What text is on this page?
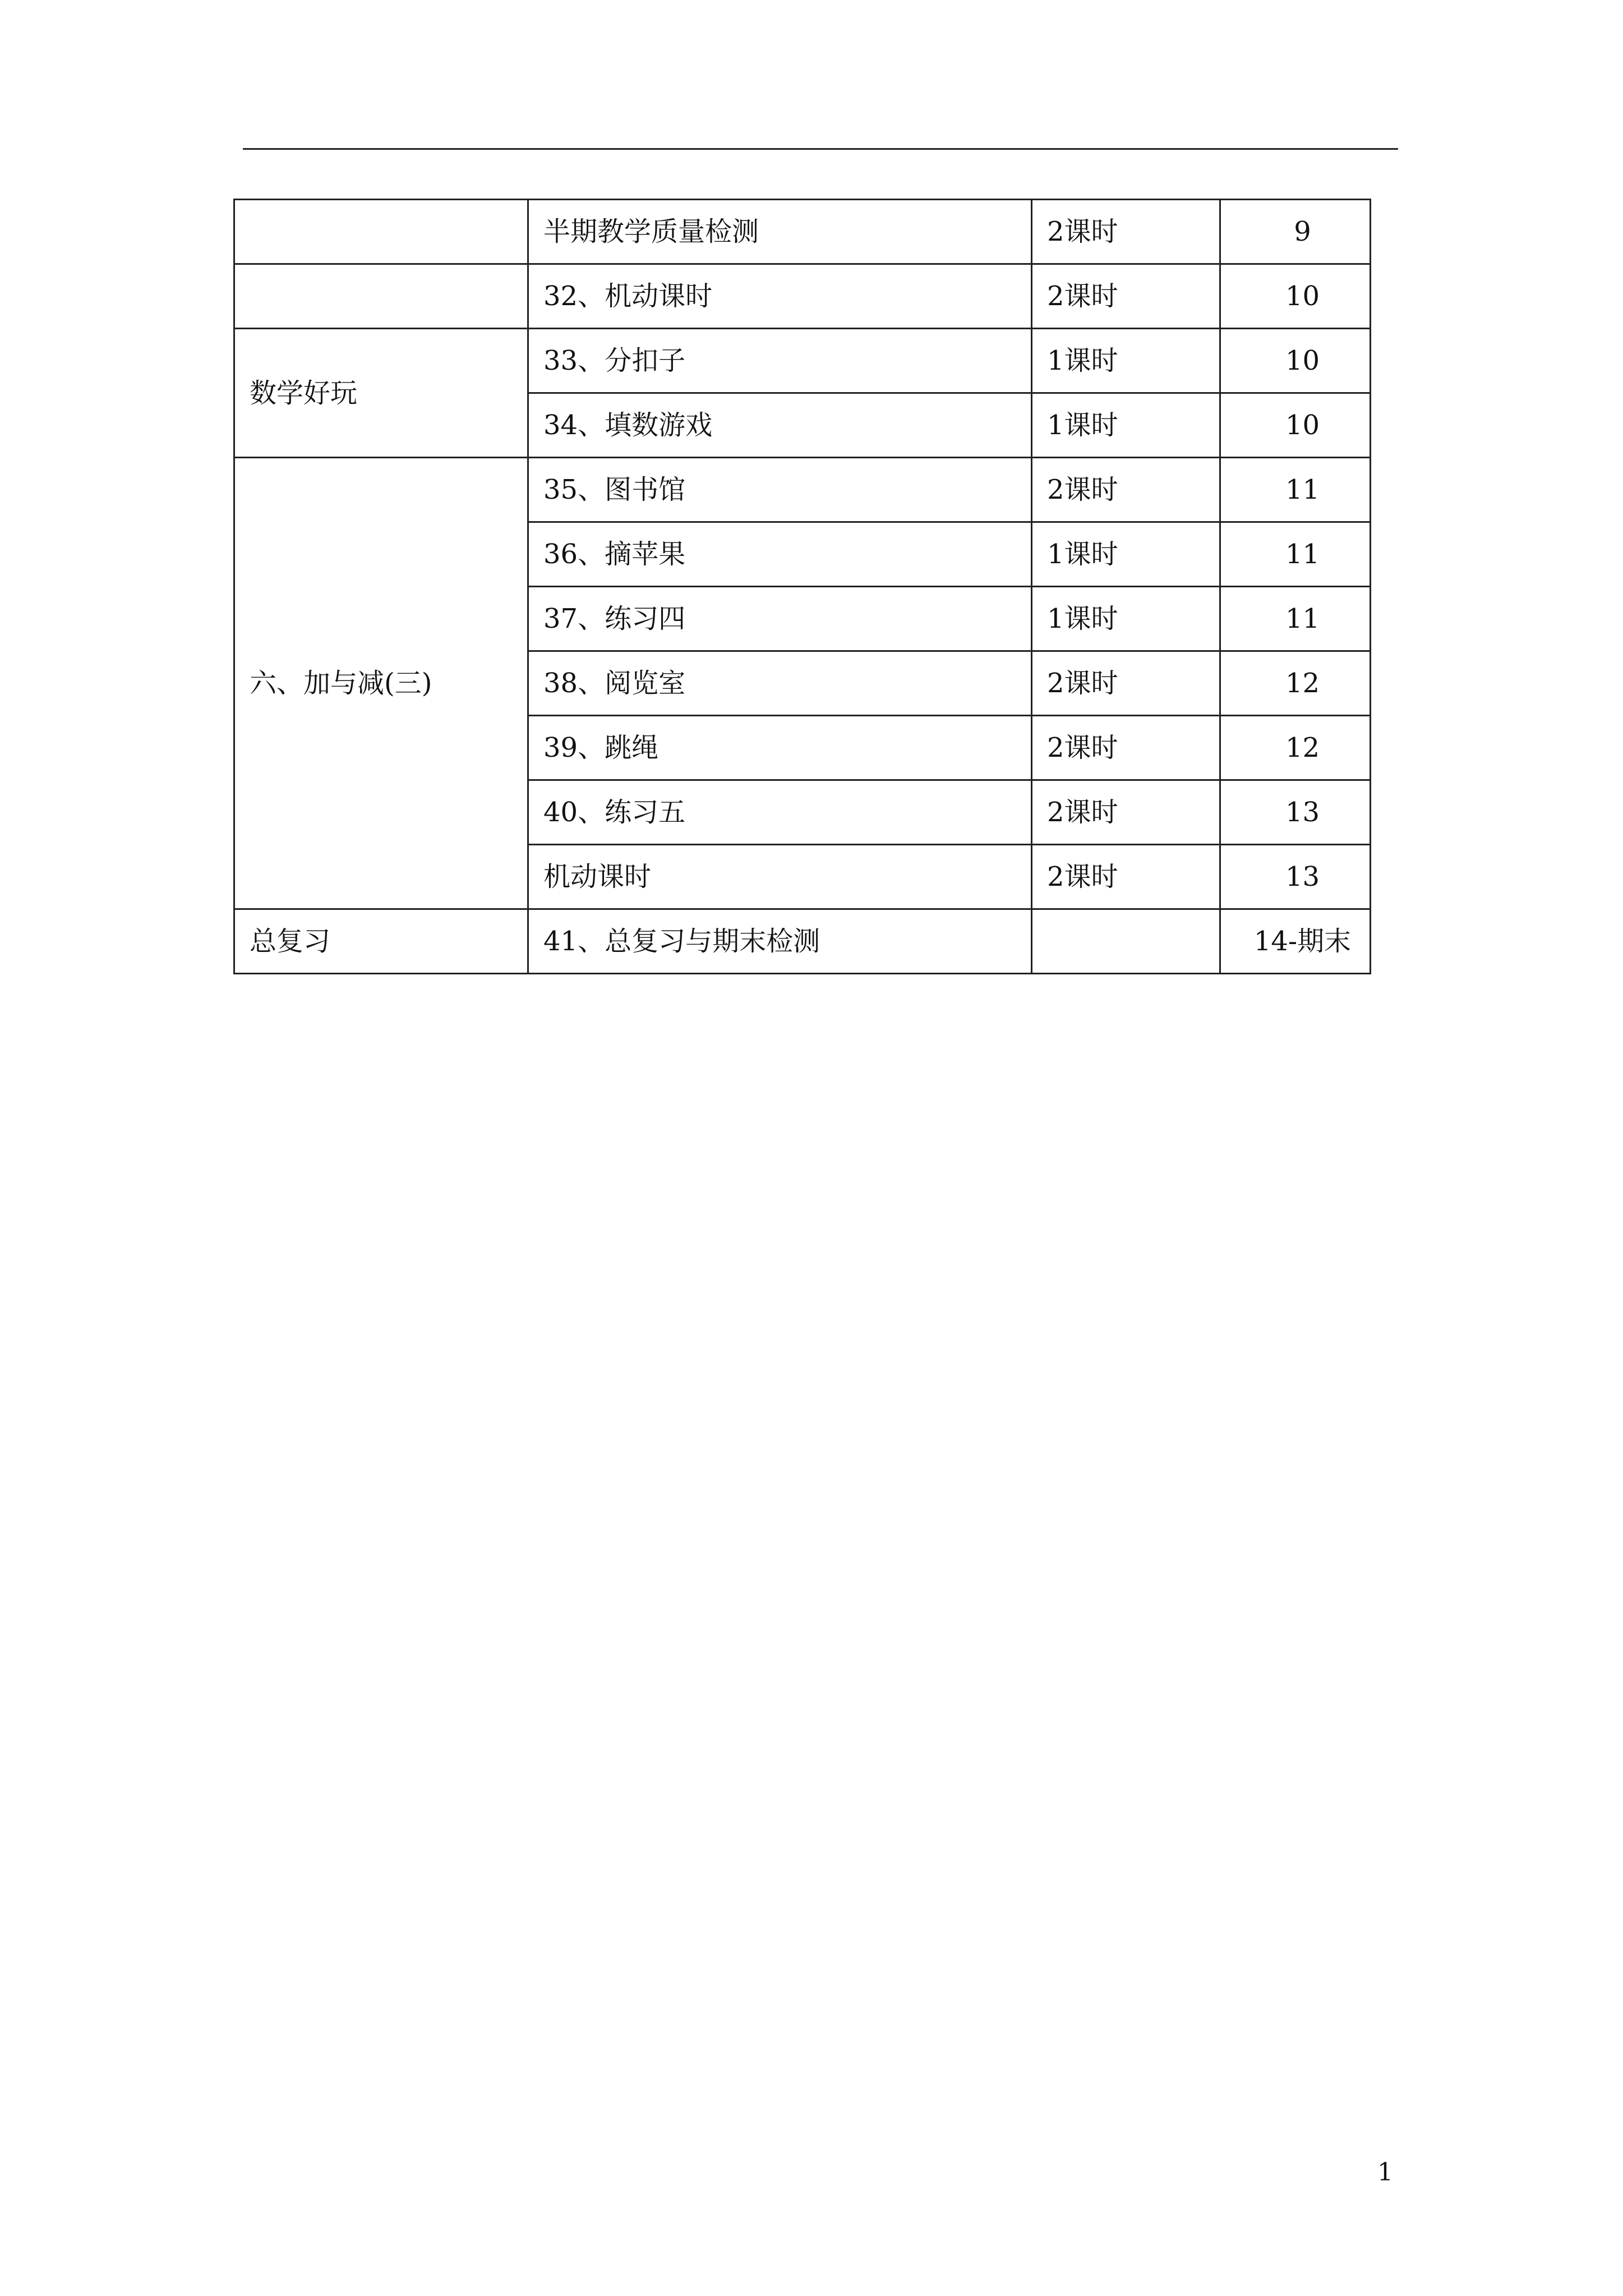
	半期教学质量检测	2课时	9
	32、机动课时	2课时	10
数学好玩	33、分扣子	1课时	10
	34、填数游戏	1课时	10
六、加与减(三)	35、图书馆	2课时	11
	36、摘苹果	1课时	11
	37、练习四	1课时	11
	38、阅览室	2课时	12
	39、跳绳	2课时	12
	40、练习五	2课时	13
	机动课时	2课时	13
总复习	41、总复习与期末检测		14-期末
1
